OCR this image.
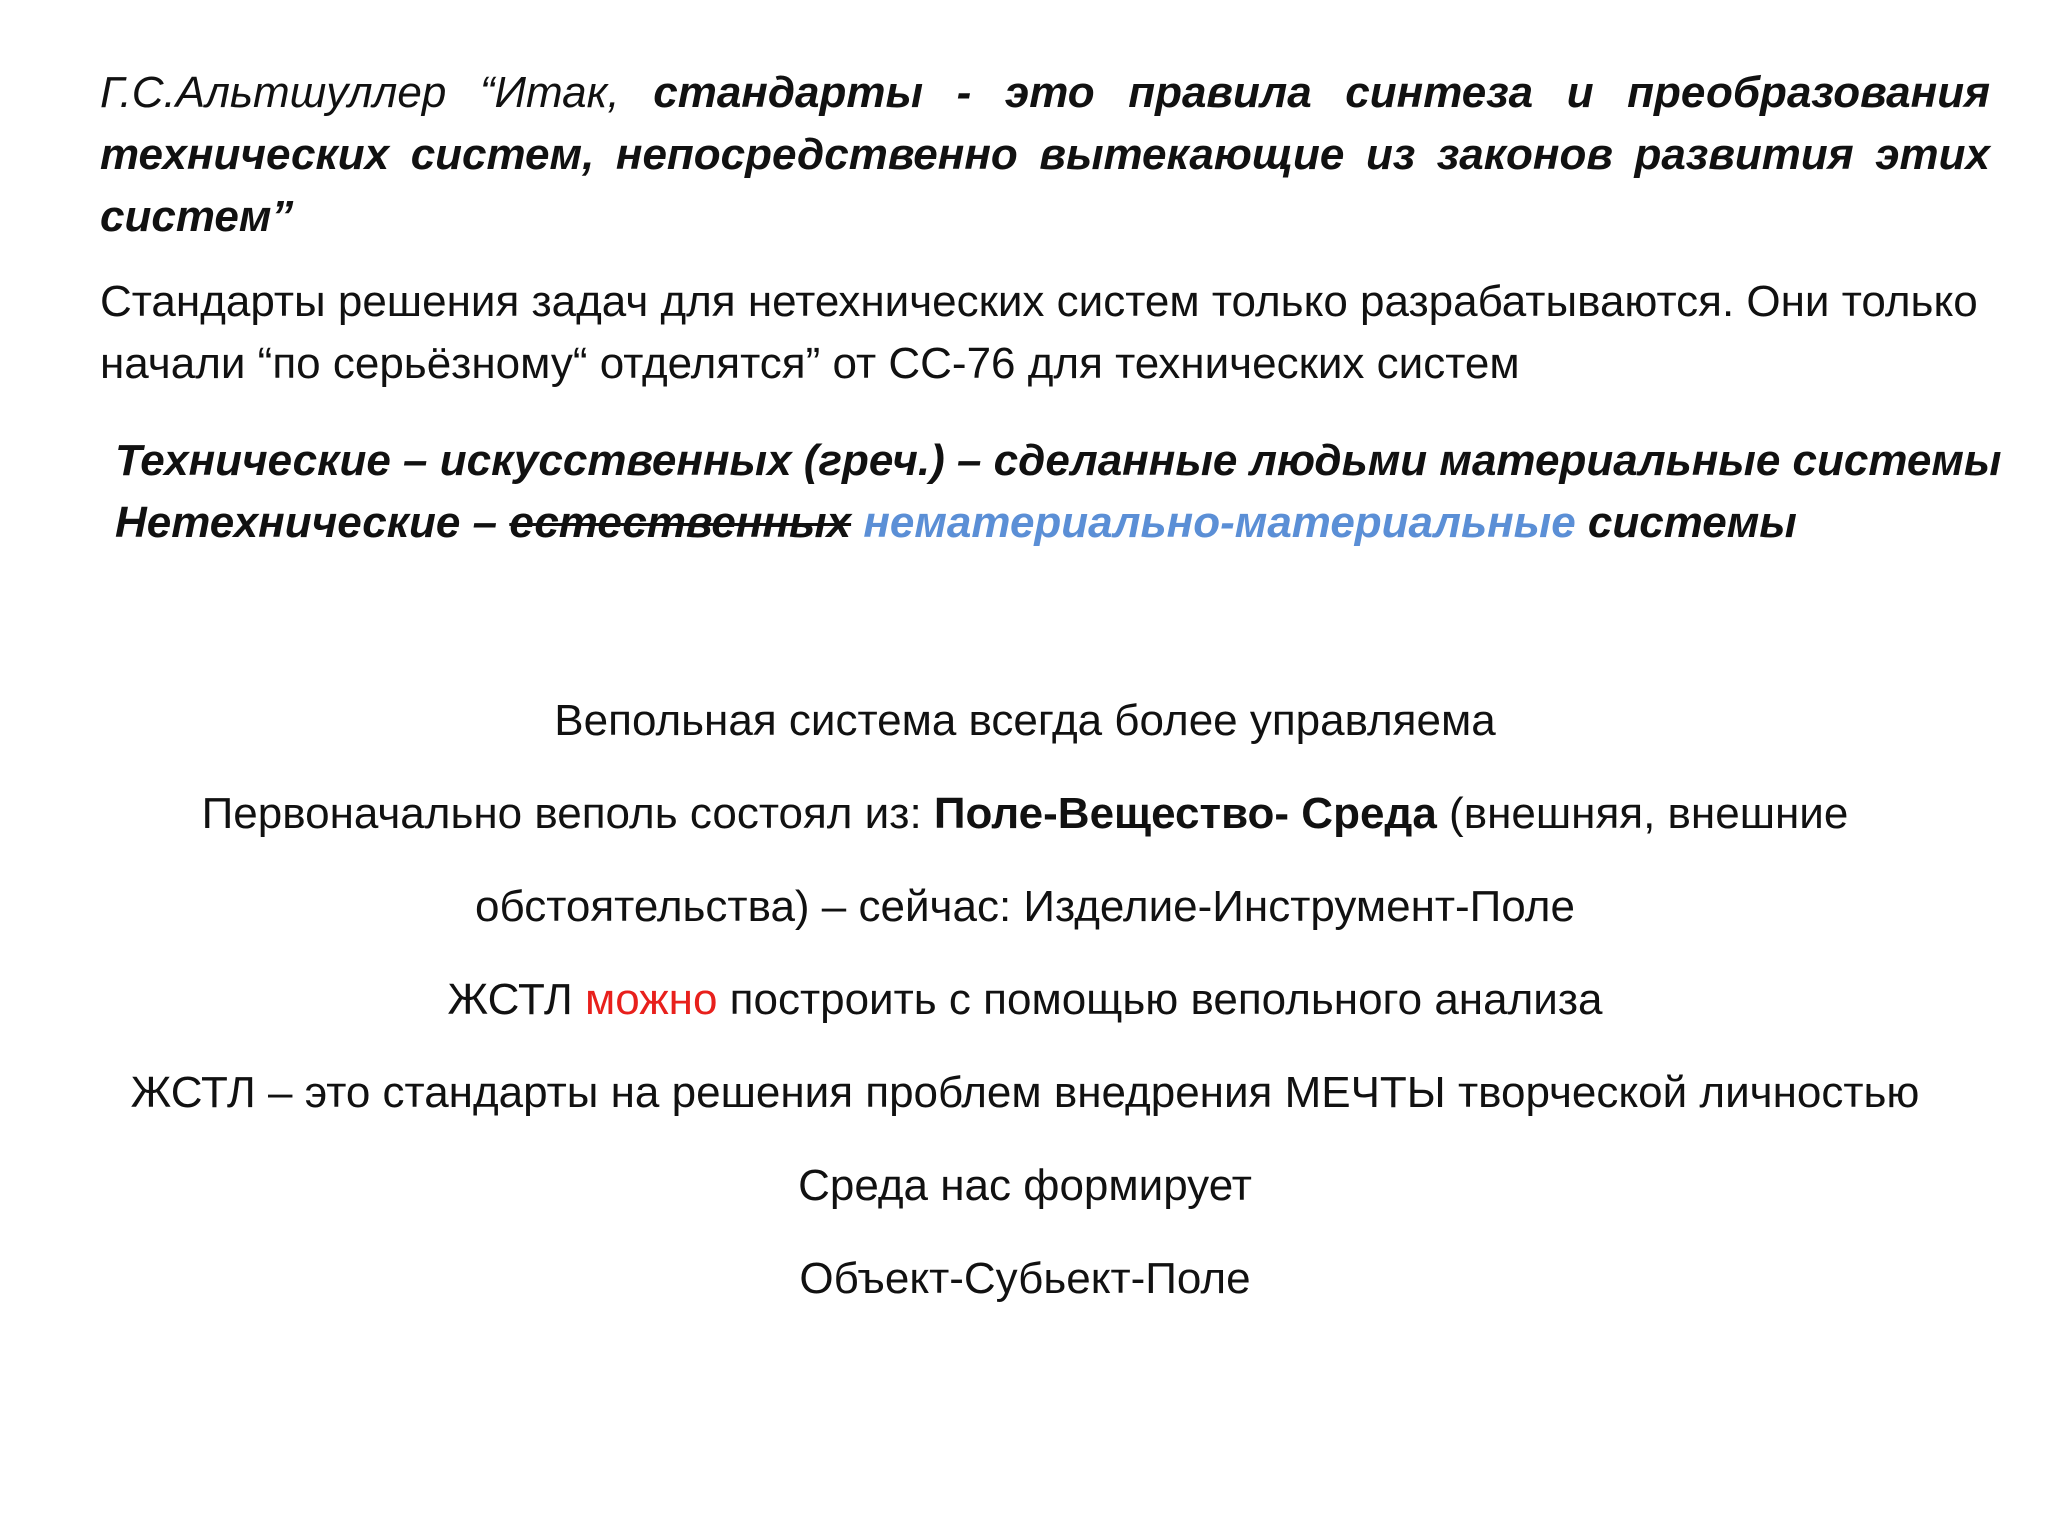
Г.С.Альтшуллер “Итак, стандарты - это правила синтеза и преобразования технических систем, непосредственно вытекающие из законов развития этих систем”
Стандарты решения задач для нетехнических систем только разрабатываются. Они только начали “по серьёзному“ отделятся” от СС-76 для технических систем
Технические – искусственных (греч.) – сделанные людьми материальные системы
Нетехнические – естественных нематериально-материальные системы
Вепольная система всегда более управляема
Первоначально веполь состоял из: Поле-Вещество- Среда (внешняя, внешние
обстоятельства) – сейчас: Изделие-Инструмент-Поле
ЖСТЛ можно построить с помощью вепольного анализа
ЖСТЛ – это стандарты на решения проблем внедрения МЕЧТЫ творческой личностью
Среда нас формирует
Объект-Субьект-Поле
